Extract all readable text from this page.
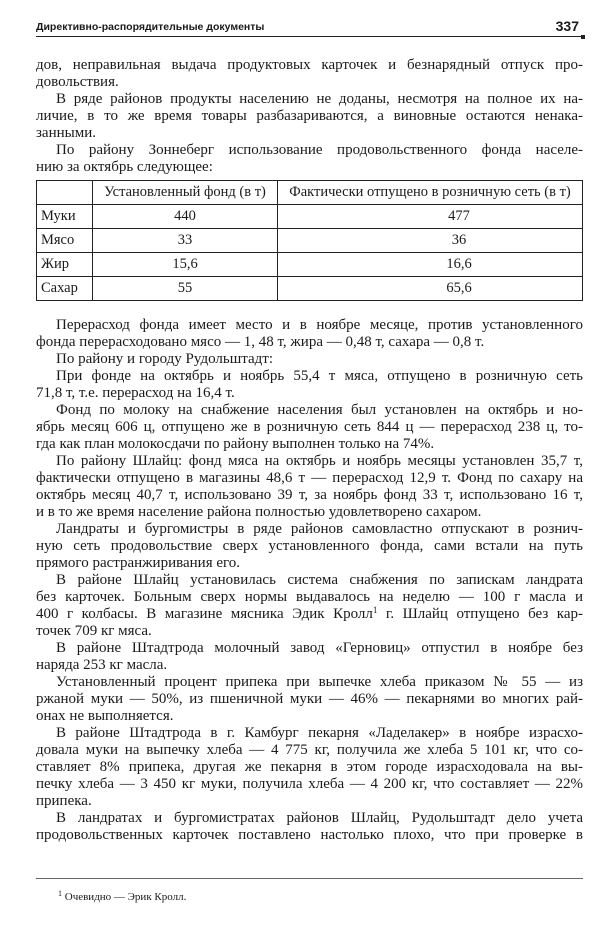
Директивно-распорядительные документы	337
дов, неправильная выдача продуктовых карточек и безнарядный отпуск про-
довольствия.
В ряде районов продукты населению не доданы, несмотря на полное их на-
личие, в то же время товары разбазариваются, а виновные остаются ненака-
занными.
По району Зоннеберг использование продовольственного фонда населе-
нию за октябрь следующее:
	Установленный фонд (в т)	Фактически отпущено в розничную сеть (в т)
Муки	440	477
Мясо	33	36
Жир	15,6	16,6
Сахар	55	65,6
Перерасход фонда имеет место и в ноябре месяце, против установленного
фонда перерасходовано мясо — 1, 48 т, жира — 0,48 т, сахара — 0,8 т.
По району и городу Рудольштадт:
При фонде на октябрь и ноябрь 55,4 т мяса, отпущено в розничную сеть
71,8 т, т.е. перерасход на 16,4 т.
Фонд по молоку на снабжение населения был установлен на октябрь и но-
ябрь месяц 606 ц, отпущено же в розничную сеть 844 ц — перерасход 238 ц, то-
гда как план молокосдачи по району выполнен только на 74%.
По району Шлайц: фонд мяса на октябрь и ноябрь месяцы установлен 35,7 т,
фактически отпущено в магазины 48,6 т — перерасход 12,9 т. Фонд по сахару на
октябрь месяц 40,7 т, использовано 39 т, за ноябрь фонд 33 т, использовано 16 т,
и в то же время население района полностью удовлетворено сахаром.
Ландраты и бургомистры в ряде районов самовластно отпускают в рознич-
ную сеть продовольствие сверх установленного фонда, сами встали на путь
прямого растранжиривания его.
В районе Шлайц установилась система снабжения по запискам ландрата
без карточек. Больным сверх нормы выдавалось на неделю — 100 г масла и
400 г колбасы. В магазине мясника Эдик Кролл$^1$ г. Шлайц отпущено без кар-
точек 709 кг мяса.
В районе Штадтрода молочный завод «Герновиц» отпустил в ноябре без
наряда 253 кг масла.
Установленный процент припека при выпечке хлеба приказом № 55 — из
ржаной муки — 50%, из пшеничной муки — 46% — пекарнями во многих рай-
онах не выполняется.
В районе Штадтрода в г. Камбург пекарня «Ладелакер» в ноябре израсхо-
довала муки на выпечку хлеба — 4 775 кг, получила же хлеба 5 101 кг, что со-
ставляет 8% припека, другая же пекарня в этом городе израсходовала на вы-
печку хлеба — 3 450 кг муки, получила хлеба — 4 200 кг, что составляет — 22%
припека.
В ландратах и бургомистратах районов Шлайц, Рудольштадт дело учета
продовольственных карточек поставлено настолько плохо, что при проверке в
$^1$ Очевидно — Эрик Кролл.
